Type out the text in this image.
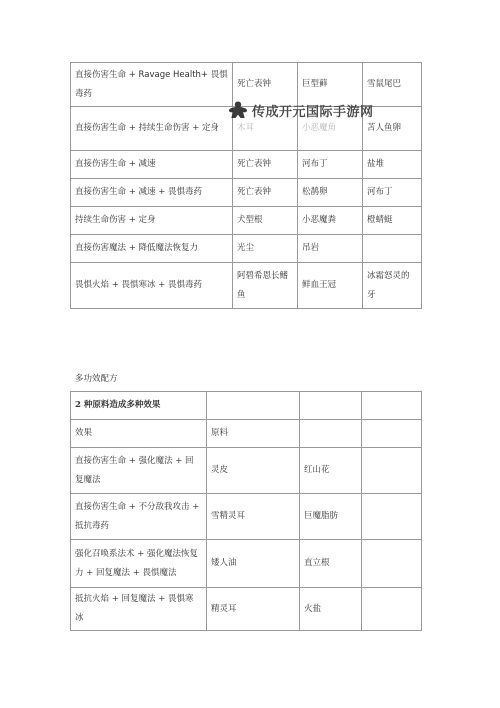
直接伤害生命 + Ravage Health+ 畏惧毒药	死亡表钟	巨型藓	雪鼠尾巴
直接伤害生命 + 持续生命伤害 + 定身	木耳	小恶魔角	苫人鱼卵
直接伤害生命 + 减速	死亡表钟	河布丁	盐堆
直接伤害生命 + 减速 + 畏惧毒药	死亡表钟	松鹊卵	河布丁
持续生命伤害 + 定身	犬型根	小恶魔粪	橙蜻蜓
直接伤害魔法 + 降低魔法恢复力	光尘	吊岩	
畏惧火焰 + 畏惧寒冰 + 畏惧毒药	阿碧希恩长鳍鱼	鲜血王冠	冰霜怒灵的牙
传成开元国际手游网
多功效配方
2 种原料造成多种效果			
效果	原料		
直接伤害生命 + 强化魔法 + 回复魔法	灵皮	红山花	
直接伤害生命 + 不分敌我攻击 + 抵抗毒药	雪精灵耳	巨魔脂肪	
强化召唤系法术 + 强化魔法恢复力 + 回复魔法 + 畏惧魔法	矮人油	直立根	
抵抗火焰 + 回复魔法 + 畏惧寒冰	精灵耳	火盐	
